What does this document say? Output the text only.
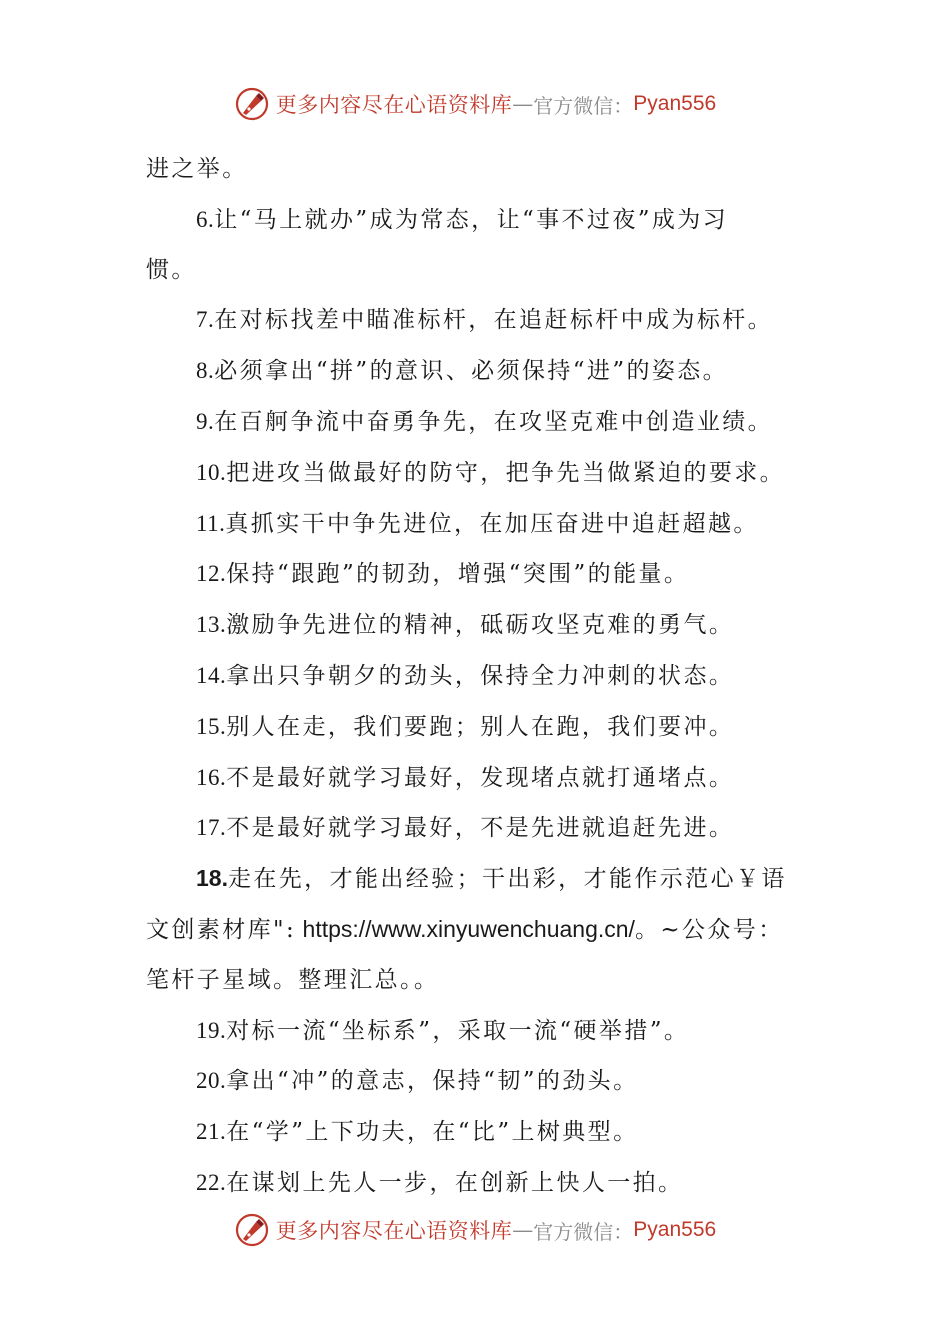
更多内容尽在心语资料库 — 官方微信： Pyan556
进之举。
6.让“马上就办”成为常态，让“事不过夜”成为习
惯。
7.在对标找差中瞄准标杆，在追赶标杆中成为标杆。
8.必须拿出“拼”的意识、必须保持“进”的姿态。
9.在百舸争流中奋勇争先，在攻坚克难中创造业绩。
10.把进攻当做最好的防守，把争先当做紧迫的要求。
11.真抓实干中争先进位，在加压奋进中追赶超越。
12.保持“跟跑”的韧劲，增强“突围”的能量。
13.激励争先进位的精神，砥砺攻坚克难的勇气。
14.拿出只争朝夕的劲头，保持全力冲刺的状态。
15.别人在走，我们要跑；别人在跑，我们要冲。
16.不是最好就学习最好，发现堵点就打通堵点。
17.不是最好就学习最好，不是先进就追赶先进。
18.走在先，才能出经验；干出彩，才能作示范心￥语
文创素材库": https://www.xinyuwenchuang.cn/。~公众号：
笔杆子星域。整理汇总。。
19.对标一流“坐标系”，采取一流“硬举措”。
20.拿出“冲”的意志，保持“韧”的劲头。
21.在“学”上下功夫，在“比”上树典型。
22.在谋划上先人一步，在创新上快人一拍。
更多内容尽在心语资料库 — 官方微信： Pyan556
